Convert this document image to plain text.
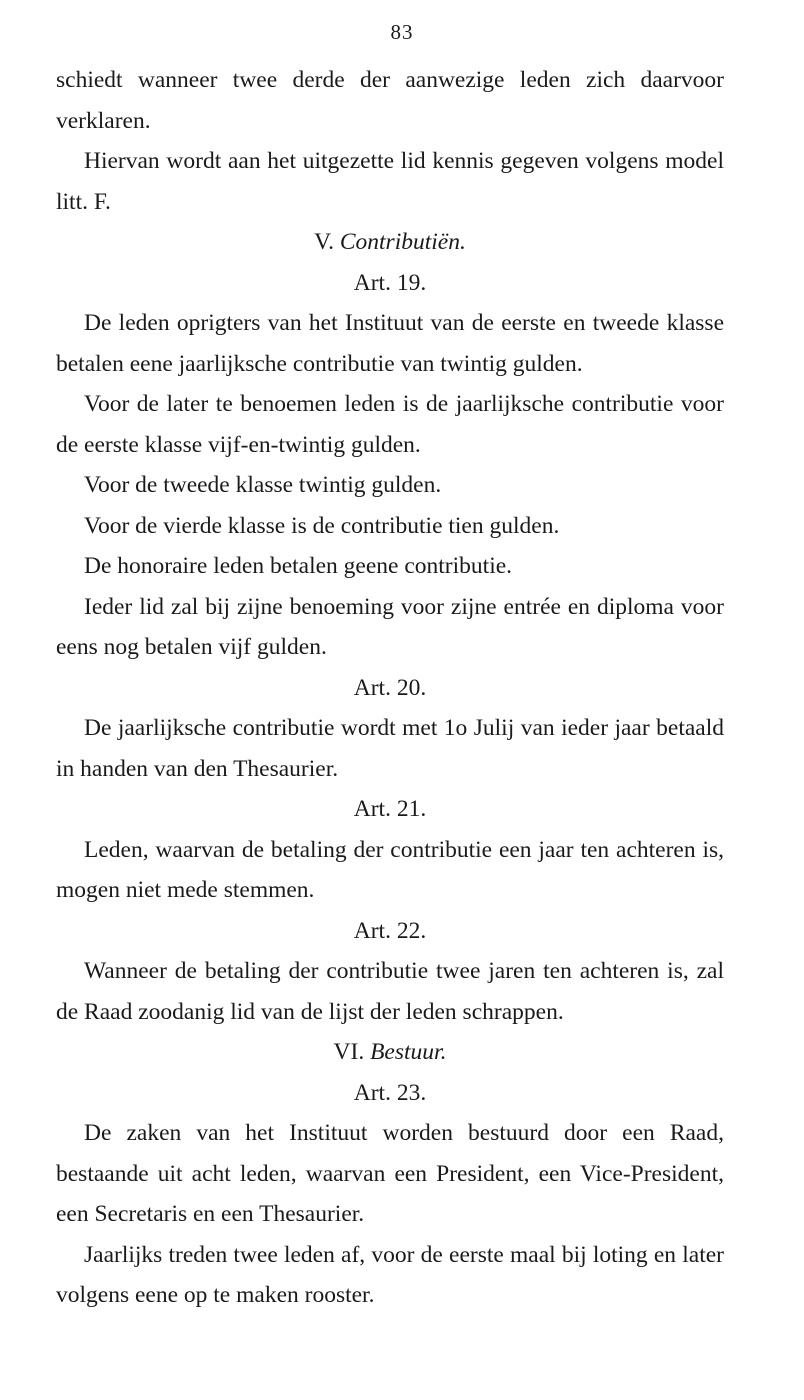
83

schiedt wanneer twee derde der aanwezige leden zich daarvoor verklaren.

Hiervan wordt aan het uitgezette lid kennis gegeven volgens model litt. F.

V. Contributiën.

Art. 19.

De leden oprigters van het Instituut van de eerste en tweede klasse betalen eene jaarlijksche contributie van twintig gulden.

Voor de later te benoemen leden is de jaarlijksche contributie voor de eerste klasse vijf-en-twintig gulden.

Voor de tweede klasse twintig gulden.

Voor de vierde klasse is de contributie tien gulden.

De honoraire leden betalen geene contributie.

Ieder lid zal bij zijne benoeming voor zijne entrée en diploma voor eens nog betalen vijf gulden.

Art. 20.

De jaarlijksche contributie wordt met 1o Julij van ieder jaar betaald in handen van den Thesaurier.

Art. 21.

Leden, waarvan de betaling der contributie een jaar ten achteren is, mogen niet mede stemmen.

Art. 22.

Wanneer de betaling der contributie twee jaren ten achteren is, zal de Raad zoodanig lid van de lijst der leden schrappen.

VI. Bestuur.

Art. 23.

De zaken van het Instituut worden bestuurd door een Raad, bestaande uit acht leden, waarvan een President, een Vice-President, een Secretaris en een Thesaurier.

Jaarlijks treden twee leden af, voor de eerste maal bij loting en later volgens eene op te maken rooster.
